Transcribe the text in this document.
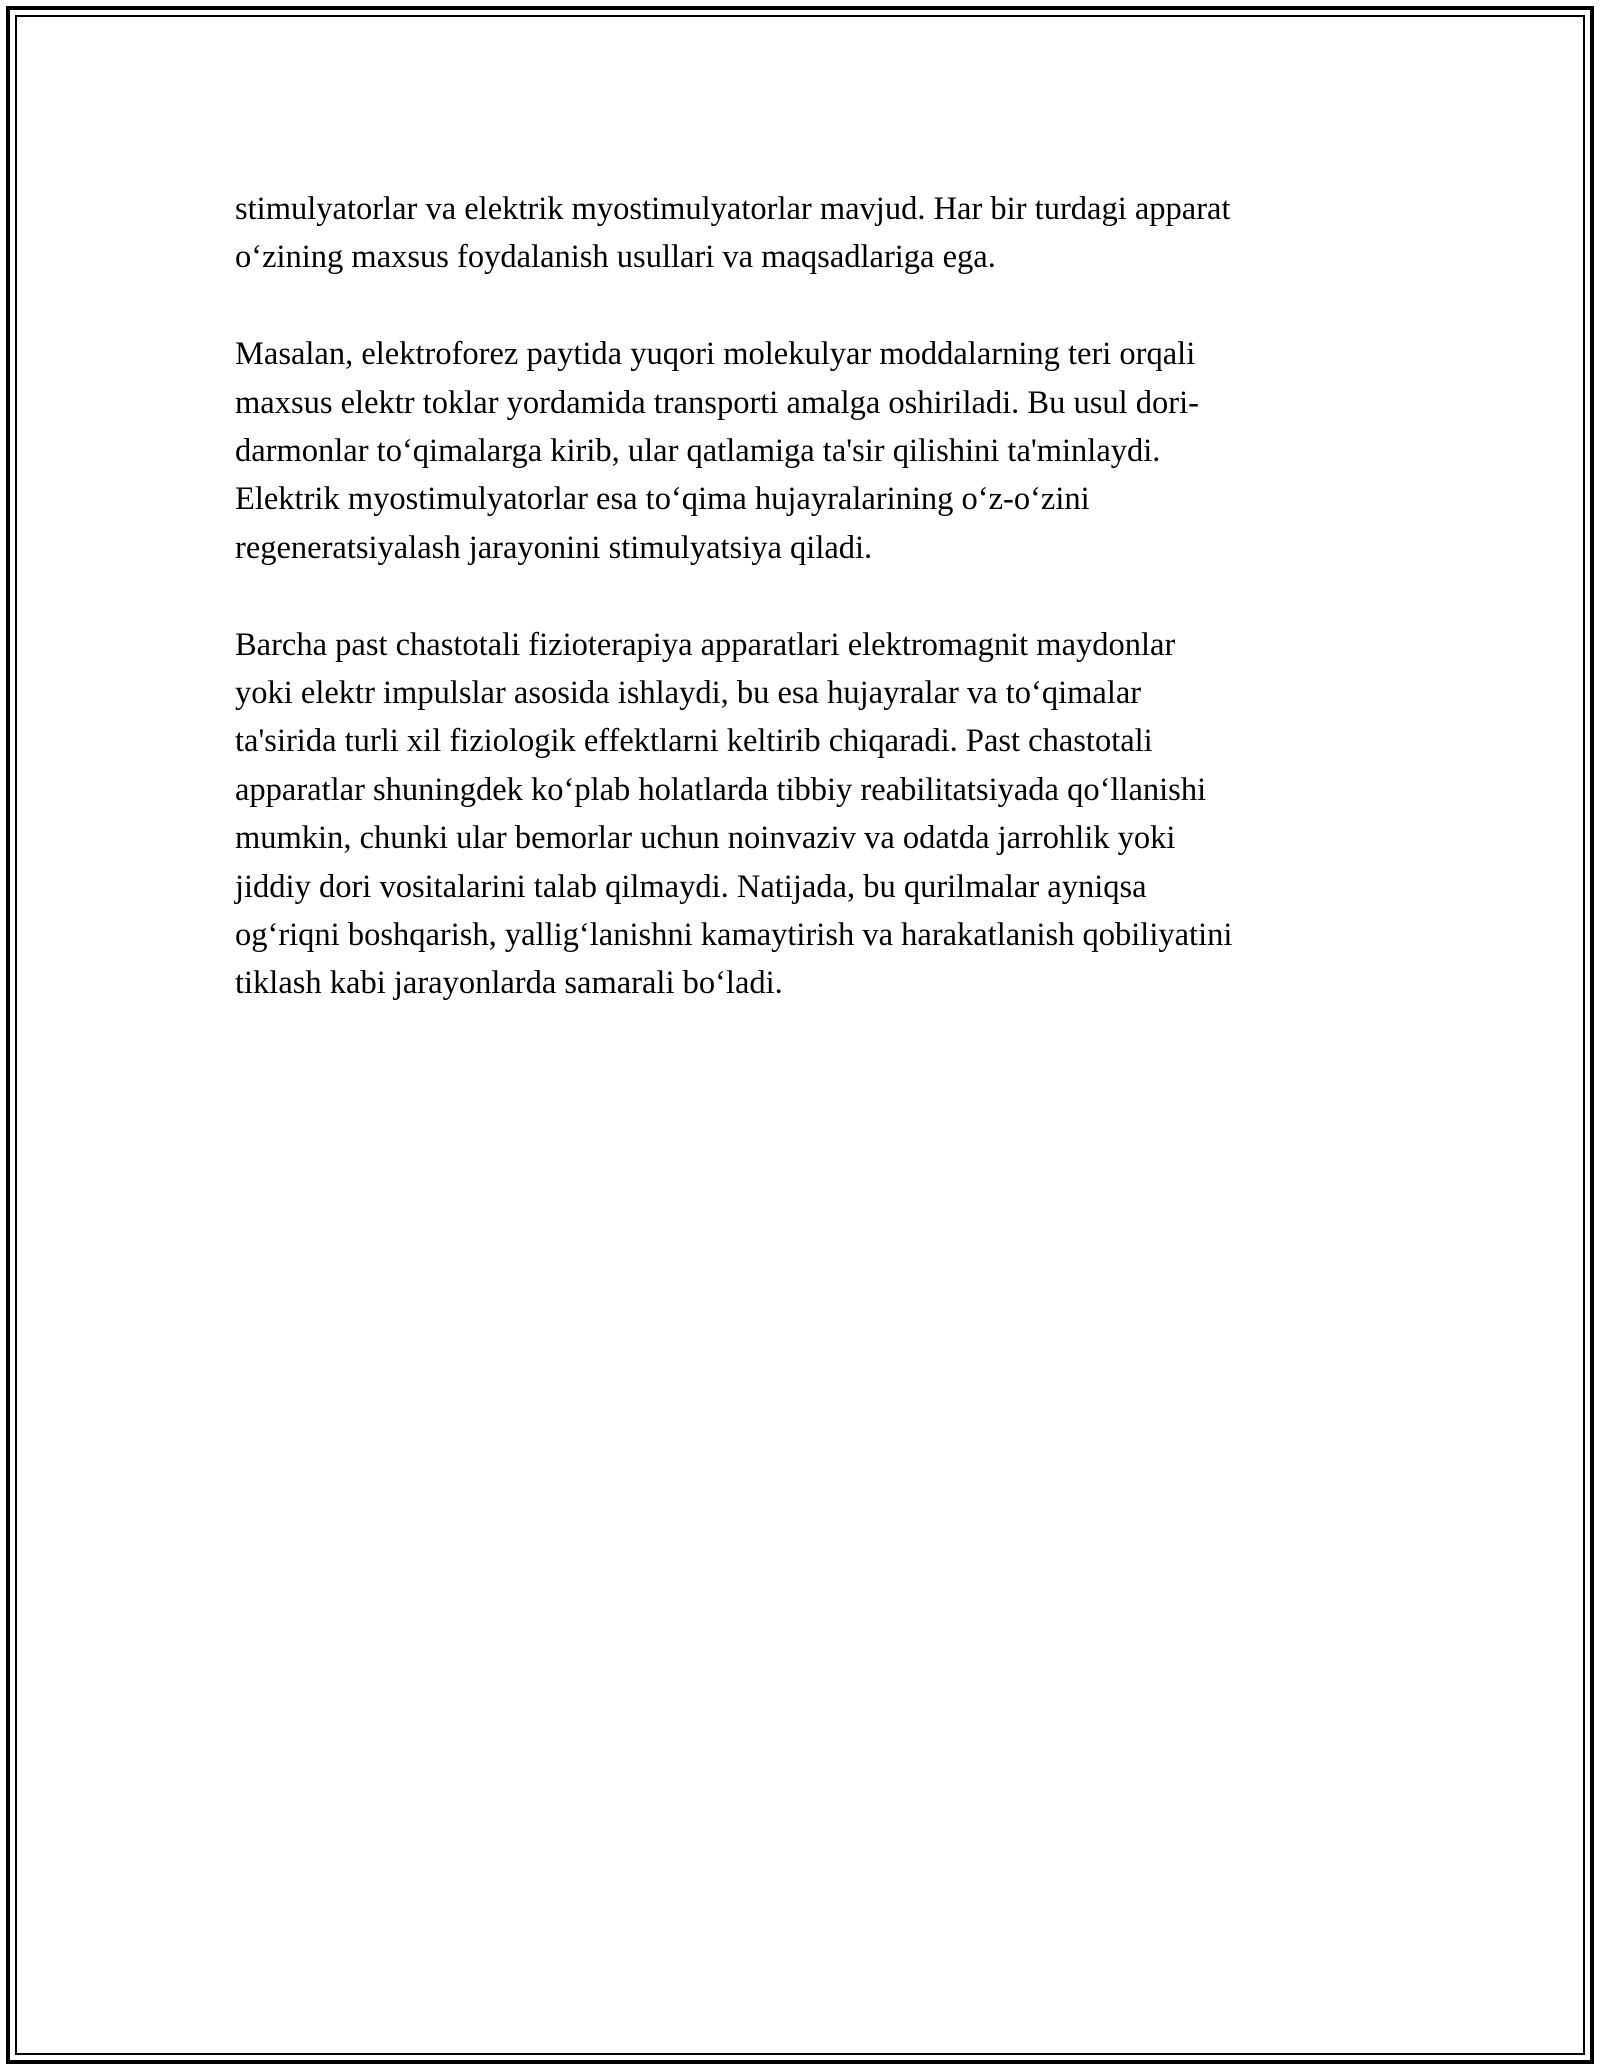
stimulyatorlar va elektrik myostimulyatorlar mavjud. Har bir turdagi apparat
o‘zining maxsus foydalanish usullari va maqsadlariga ega.

Masalan, elektroforez paytida yuqori molekulyar moddalarning teri orqali
maxsus elektr toklar yordamida transporti amalga oshiriladi. Bu usul dori-
darmonlar to‘qimalarga kirib, ular qatlamiga ta'sir qilishini ta'minlaydi.
Elektrik myostimulyatorlar esa to‘qima hujayralarining o‘z-o‘zini
regeneratsiyalash jarayonini stimulyatsiya qiladi.

Barcha past chastotali fizioterapiya apparatlari elektromagnit maydonlar
yoki elektr impulslar asosida ishlaydi, bu esa hujayralar va to‘qimalar
ta'sirida turli xil fiziologik effektlarni keltirib chiqaradi. Past chastotali
apparatlar shuningdek ko‘plab holatlarda tibbiy reabilitatsiyada qo‘llanishi
mumkin, chunki ular bemorlar uchun noinvaziv va odatda jarrohlik yoki
jiddiy dori vositalarini talab qilmaydi. Natijada, bu qurilmalar ayniqsa
og‘riqni boshqarish, yallig‘lanishni kamaytirish va harakatlanish qobiliyatini
tiklash kabi jarayonlarda samarali bo‘ladi.
